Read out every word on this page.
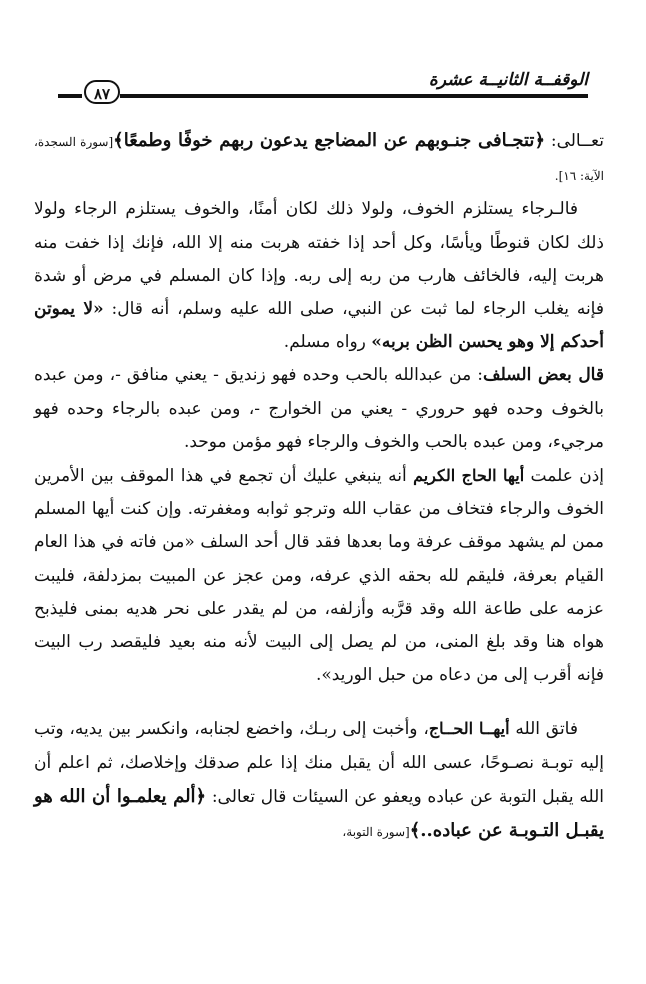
الوقفــة الثانيــة عشرة
٨٧

تعــالى: ﴿تتجـافى جنـوبهم عن المضاجع يدعون ربهم خوفًا وطمعًا﴾[سورة السجدة، الآية: ١٦].

فالـرجاء يستلزم الخوف، ولولا ذلك لكان أمنًا، والخوف يستلزم الرجاء ولولا ذلك لكان قنوطًا ويأسًا، وكل أحد إذا خفته هربت منه إلا الله، فإنك إذا خفت منه هربت إليه، فالخائف هارب من ربه إلى ربه. وإذا كان المسلم في مرض أو شدة فإنه يغلب الرجاء لما ثبت عن النبي، صلى الله عليه وسلم، أنه قال: «لا يموتن أحدكم إلا وهو يحسن الظن بربه» رواه مسلم.

قال بعض السلف: من عبدالله بالحب وحده فهو زنديق - يعني منافق -، ومن عبده بالخوف وحده فهو حروري - يعني من الخوارج -، ومن عبده بالرجاء وحده فهو مرجيء، ومن عبده بالحب والخوف والرجاء فهو مؤمن موحد.

إذن علمت أيها الحاج الكريم أنه ينبغي عليك أن تجمع في هذا الموقف بين الأمرين الخوف والرجاء فتخاف من عقاب الله وترجو ثوابه ومغفرته. وإن كنت أيها المسلم ممن لم يشهد موقف عرفة وما بعدها فقد قال أحد السلف «من فاته في هذا العام القيام بعرفة، فليقم لله بحقه الذي عرفه، ومن عجز عن المبيت بمزدلفة، فليبت عزمه على طاعة الله وقد قرَّبه وأزلفه، من لم يقدر على نحر هديه بمنى فليذبح هواه هنا وقد بلغ المنى، من لم يصل إلى البيت لأنه منه بعيد فليقصد رب البيت فإنه أقرب إلى من دعاه من حبل الوريد».

فاتق الله أيهــا الحــاج، وأخبت إلى ربـك، واخضع لجنابه، وانكسر بين يديه، وتب إليه توبـة نصـوحًا، عسى الله أن يقبل منك إذا علم صدقك وإخلاصك، ثم اعلم أن الله يقبل التوبة عن عباده ويعفو عن السيئات قال تعالى: ﴿ألم يعلمـوا أن الله هو يقبـل التـوبـة عن عباده..﴾[سورة التوبة،
